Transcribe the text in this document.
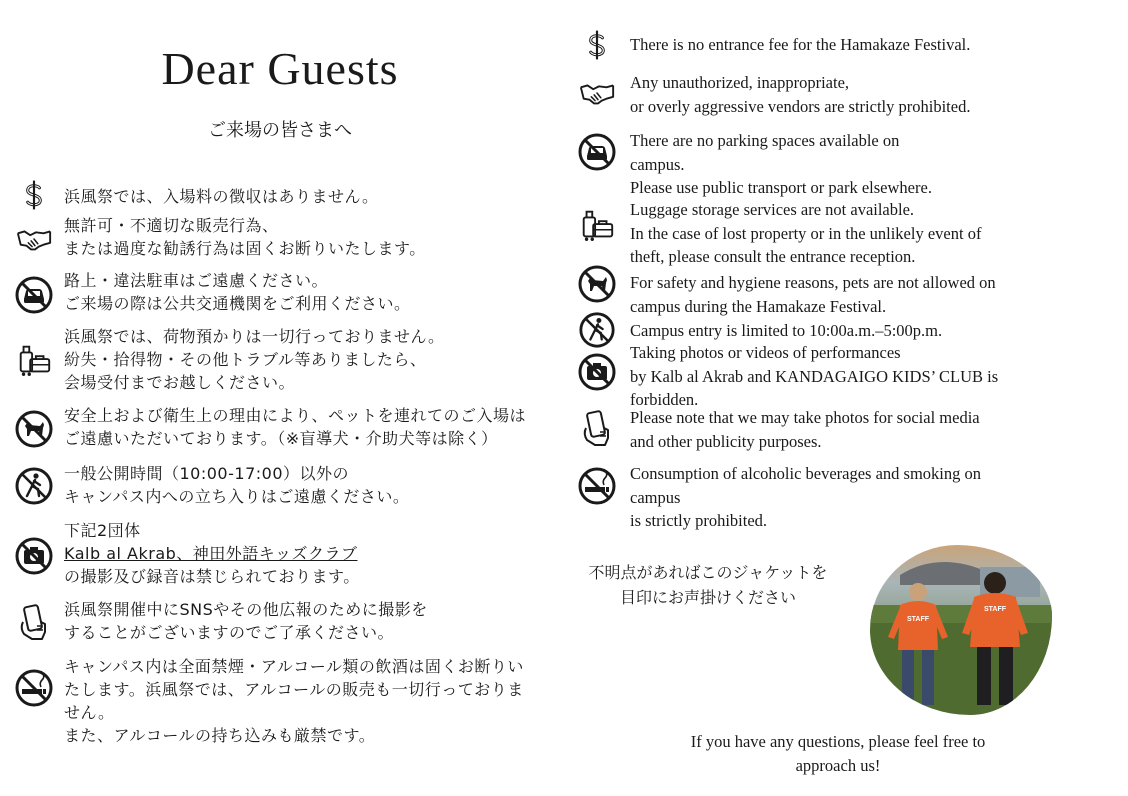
Dear Guests
ご来場の皆さまへ
浜風祭では、入場料の徴収はありません。
無許可・不適切な販売行為、
または過度な勧誘行為は固くお断りいたします。
路上・違法駐車はご遠慮ください。
ご来場の際は公共交通機関をご利用ください。
浜風祭では、荷物預かりは一切行っておりません。
紛失・拾得物・その他トラブル等ありましたら、
会場受付までお越しください。
安全上および衛生上の理由により、ペットを連れてのご入場は
ご遠慮いただいております。（※盲導犬・介助犬等は除く）
一般公開時間（10:00-17:00）以外の
キャンパス内への立ち入りはご遠慮ください。
下記2団体
Kalb al Akrab、神田外語キッズクラブ
の撮影及び録音は禁じられております。
浜風祭開催中にSNSやその他広報のために撮影を
することがございますのでご了承ください。
キャンパス内は全面禁煙・アルコール類の飲酒は固くお断りい
たします。浜風祭では、アルコールの販売も一切行っておりま
せん。
また、アルコールの持ち込みも厳禁です。
There is no entrance fee for the Hamakaze Festival.
Any unauthorized, inappropriate,
or overly aggressive vendors are strictly prohibited.
There are no parking spaces available on
campus.
Please use public transport or park elsewhere.
Luggage storage services are not available.
In the case of lost property or in the unlikely event of
theft, please consult the entrance reception.
For safety and hygiene reasons, pets are not allowed on
campus during the Hamakaze Festival.
Campus entry is limited to 10:00a.m.–5:00p.m.
Taking photos or videos of performances
by Kalb al Akrab and KANDAGAIGO KIDS’ CLUB is
forbidden.
Please note that we may take photos for social media
and other publicity purposes.
Consumption of alcoholic beverages and smoking on
campus
is strictly prohibited.
不明点があればこのジャケットを
目印にお声掛けください
STAFF
STAFF
If you have any questions, please feel free to
approach us!
